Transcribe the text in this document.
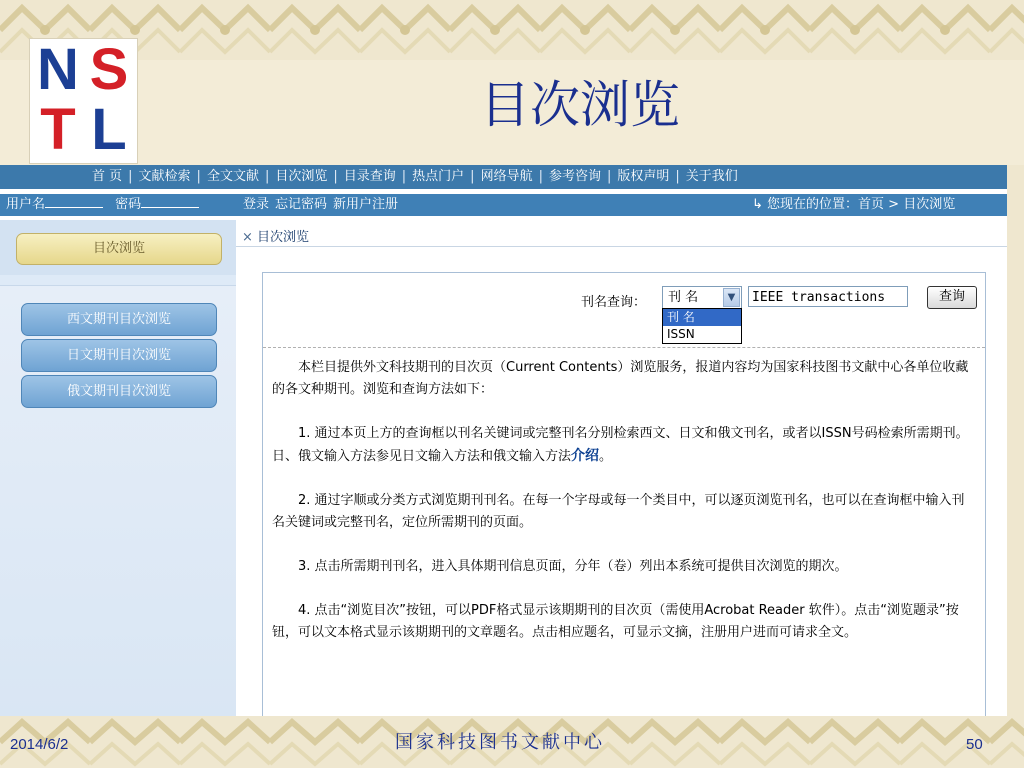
N S
T L	目次浏览
首 页 | 文献检索 | 全文文献 | 目次浏览 | 目录查询 | 热点门户 | 网络导航 | 参考咨询 | 版权声明 | 关于我们
用户名	密码	登录 忘记密码 新用户注册	↳ 您现在的位置：首页 > 目次浏览
目次浏览
西文期刊目次浏览
日文期刊目次浏览
俄文期刊目次浏览
× 目次浏览
刊名查询： 刊 名	▼
刊 名
ISSN
IEEE transactions	查询

本栏目提供外文科技期刊的目次页（Current Contents）浏览服务，报道内容均为国家科技图书文献中心各单位收藏的各文种期刊。浏览和查询方法如下：

1. 通过本页上方的查询框以刊名关键词或完整刊名分别检索西文、日文和俄文刊名，或者以ISSN号码检索所需期刊。日、俄文输入方法参见日文输入方法和俄文输入方法介绍。

2. 通过字顺或分类方式浏览期刊刊名。在每一个字母或每一个类目中，可以逐页浏览刊名，也可以在查询框中输入刊名关键词或完整刊名，定位所需期刊的页面。

3. 点击所需期刊刊名，进入具体期刊信息页面，分年（卷）列出本系统可提供目次浏览的期次。

4. 点击“浏览目次”按钮，可以PDF格式显示该期期刊的目次页（需使用Acrobat Reader 软件）。点击“浏览题录”按钮，可以文本格式显示该期期刊的文章题名。点击相应题名，可显示文摘，注册用户进而可请求全文。

2014/6/2	国家科技图书文献中心	50
